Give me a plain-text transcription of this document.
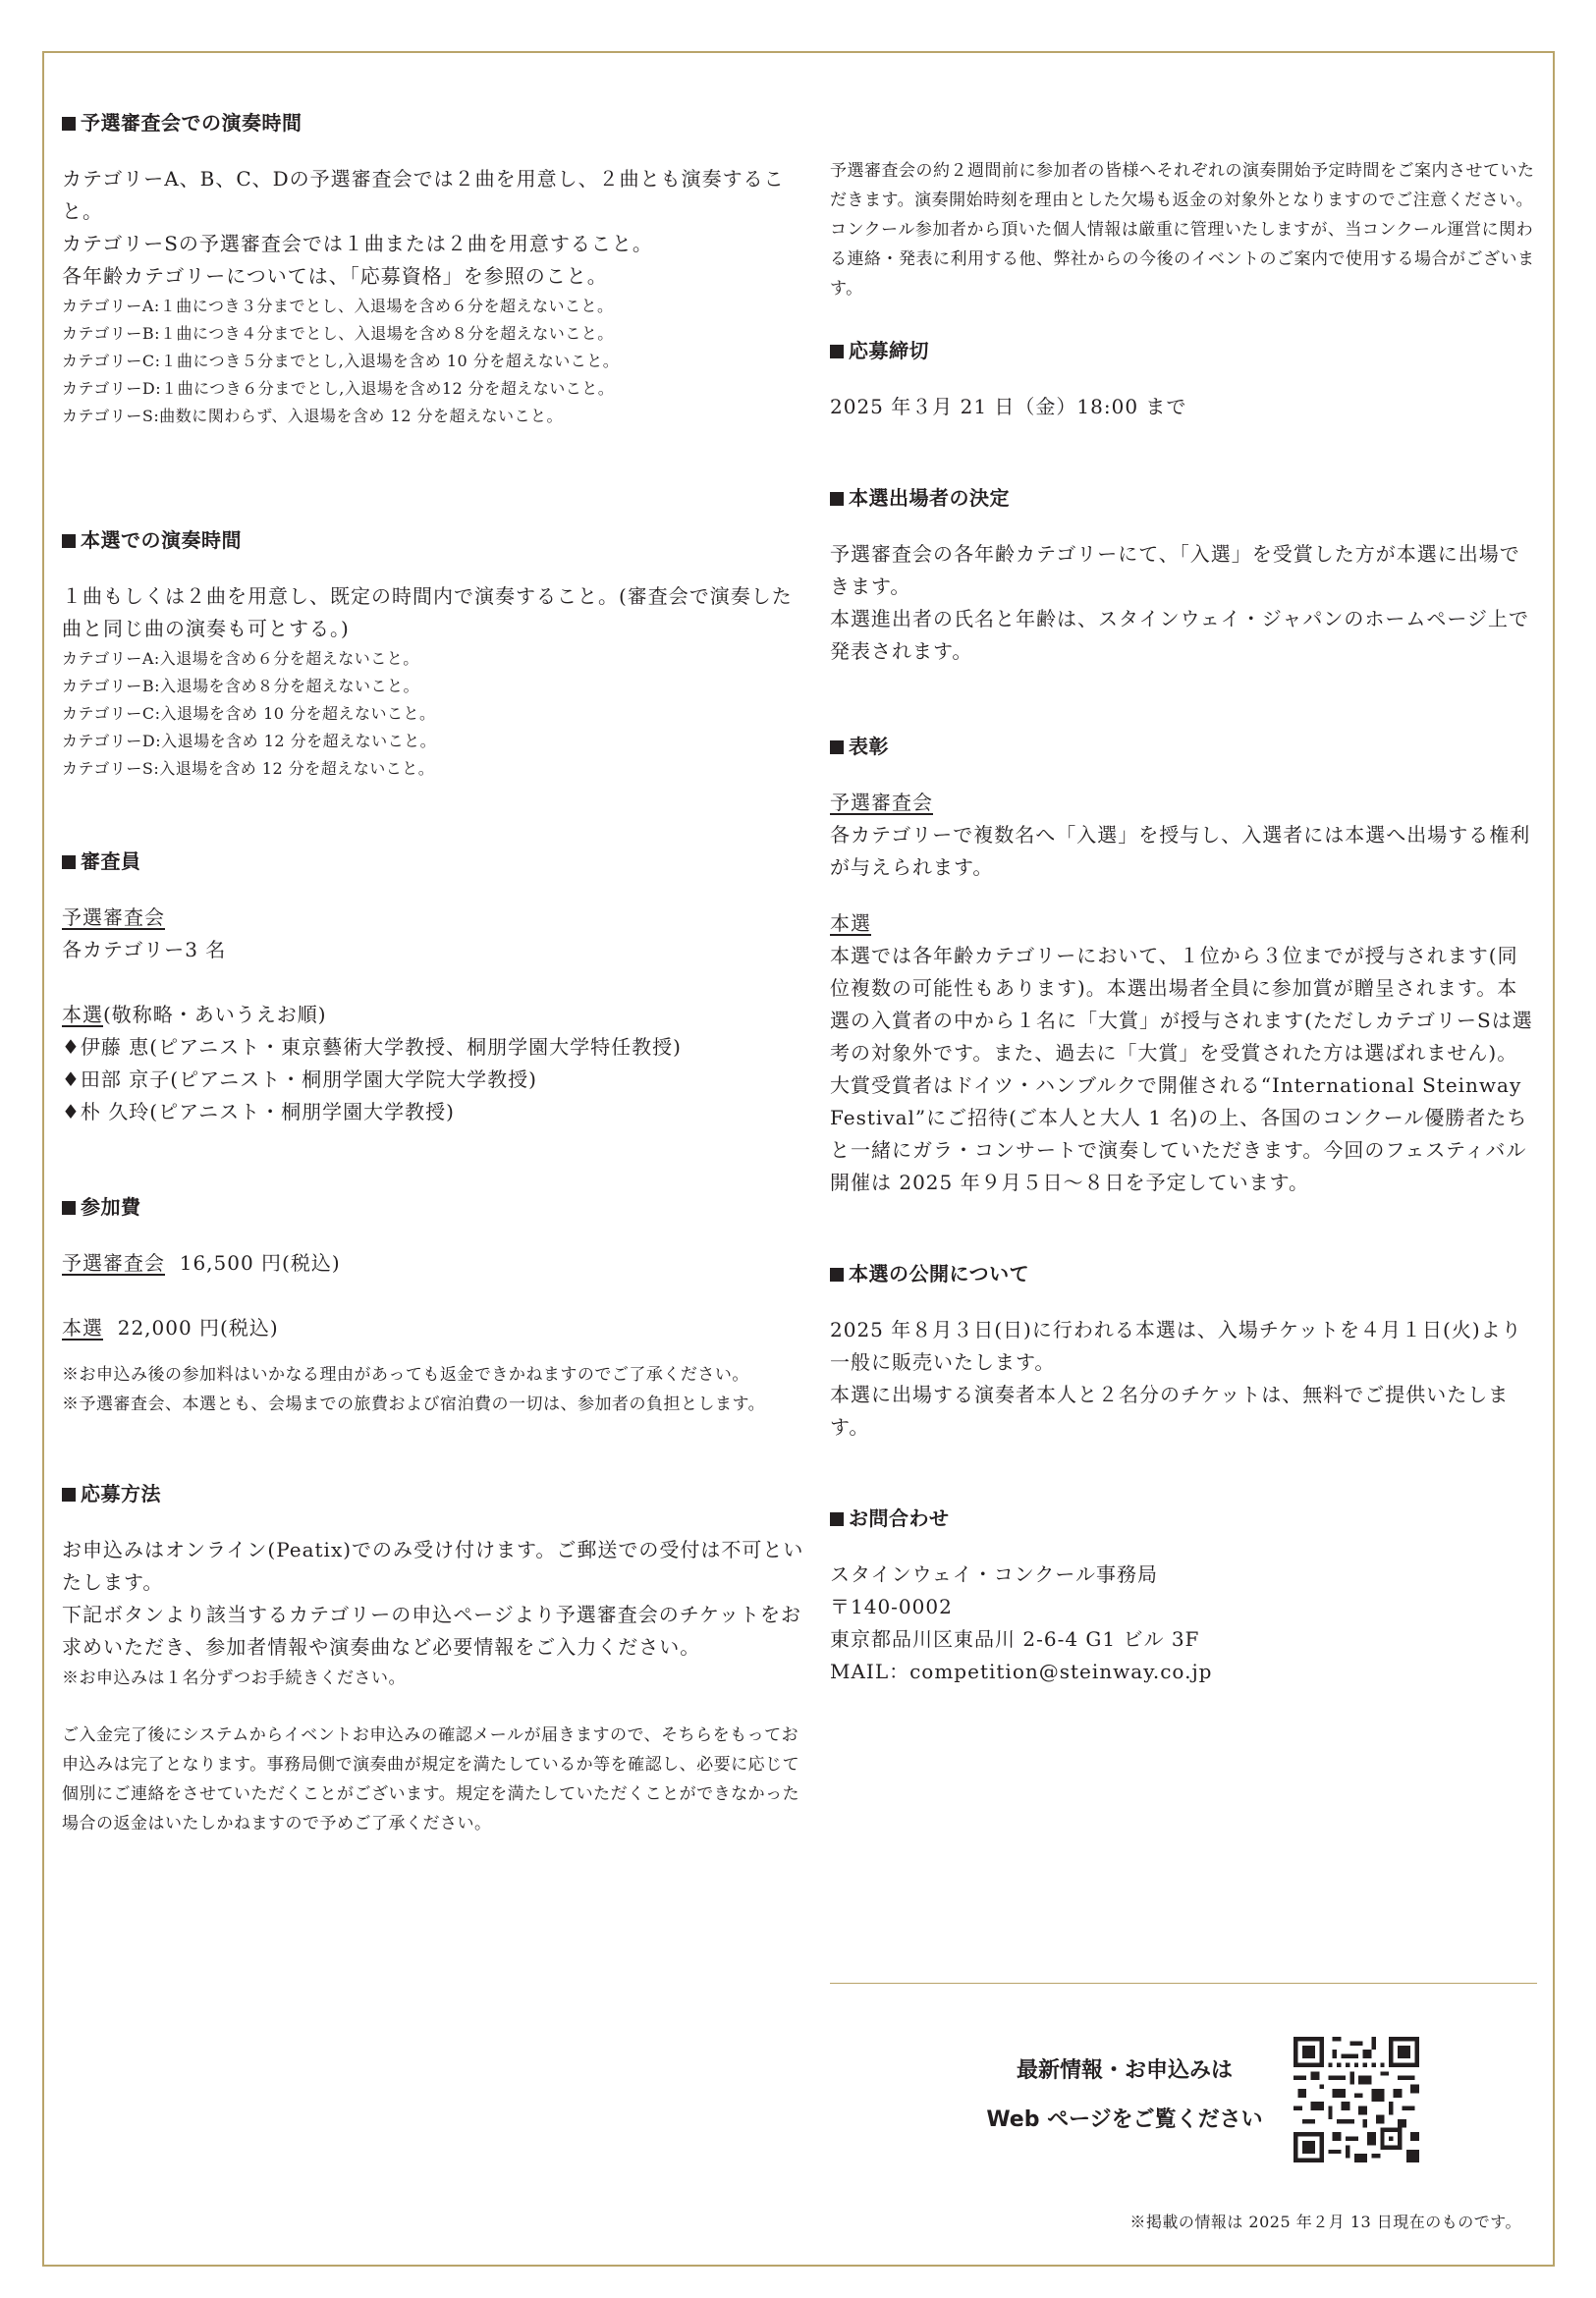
予選審査会での演奏時間

カテゴリーA、B、C、Dの予選審査会では２曲を用意し、２曲とも演奏すること。

カテゴリーSの予選審査会では１曲または２曲を用意すること。

各年齢カテゴリーについては、「応募資格」を参照のこと。

カテゴリーA:１曲につき３分までとし、入退場を含め６分を超えないこと。

カテゴリーB:１曲につき４分までとし、入退場を含め８分を超えないこと。

カテゴリーC:１曲につき５分までとし,入退場を含め 10 分を超えないこと。

カテゴリーD:１曲につき６分までとし,入退場を含め12 分を超えないこと。

カテゴリーS:曲数に関わらず、入退場を含め 12 分を超えないこと。

本選での演奏時間

１曲もしくは２曲を用意し、既定の時間内で演奏すること。(審査会で演奏した曲と同じ曲の演奏も可とする。)

カテゴリーA:入退場を含め６分を超えないこと。

カテゴリーB:入退場を含め８分を超えないこと。

カテゴリーC:入退場を含め 10 分を超えないこと。

カテゴリーD:入退場を含め 12 分を超えないこと。

カテゴリーS:入退場を含め 12 分を超えないこと。

審査員
予選審査会

各カテゴリー3 名

本選(敬称略・あいうえお順)

♦伊藤 恵(ピアニスト・東京藝術大学教授、桐朋学園大学特任教授)

♦田部 京子(ピアニスト・桐朋学園大学院大学教授)

♦朴 久玲(ピアニスト・桐朋学園大学教授)

参加費

予選審査会 16,500 円(税込)

本選 22,000 円(税込)

※お申込み後の参加料はいかなる理由があっても返金できかねますのでご了承ください。

※予選審査会、本選とも、会場までの旅費および宿泊費の一切は、参加者の負担とします。

応募方法

お申込みはオンライン(Peatix)でのみ受け付けます。ご郵送での受付は不可といたします。

下記ボタンより該当するカテゴリーの申込ページより予選審査会のチケットをお求めいただき、参加者情報や演奏曲など必要情報をご入力ください。

※お申込みは１名分ずつお手続きください。

ご入金完了後にシステムからイベントお申込みの確認メールが届きますので、そちらをもってお申込みは完了となります。事務局側で演奏曲が規定を満たしているか等を確認し、必要に応じて個別にご連絡をさせていただくことがございます。規定を満たしていただくことができなかった場合の返金はいたしかねますので予めご了承ください。

予選審査会の約２週間前に参加者の皆様へそれぞれの演奏開始予定時間をご案内させていただきます。演奏開始時刻を理由とした欠場も返金の対象外となりますのでご注意ください。

コンクール参加者から頂いた個人情報は厳重に管理いたしますが、当コンクール運営に関わる連絡・発表に利用する他、弊社からの今後のイベントのご案内で使用する場合がございます。

応募締切

2025 年３月 21 日（金）18:00 まで

本選出場者の決定

予選審査会の各年齢カテゴリーにて、「入選」を受賞した方が本選に出場できます。

本選進出者の氏名と年齢は、スタインウェイ・ジャパンのホームページ上で発表されます。

表彰
予選審査会

各カテゴリーで複数名へ「入選」を授与し、入選者には本選へ出場する権利が与えられます。

本選

本選では各年齢カテゴリーにおいて、１位から３位までが授与されます(同位複数の可能性もあります)。本選出場者全員に参加賞が贈呈されます。本選の入賞者の中から１名に「大賞」が授与されます(ただしカテゴリーSは選考の対象外です。また、過去に「大賞」を受賞された方は選ばれません)。大賞受賞者はドイツ・ハンブルクで開催される“International Steinway Festival”にご招待(ご本人と大人 1 名)の上、各国のコンクール優勝者たちと一緒にガラ・コンサートで演奏していただきます。今回のフェスティバル開催は 2025 年９月５日〜８日を予定しています。

本選の公開について

2025 年８月３日(日)に行われる本選は、入場チケットを４月１日(火)より一般に販売いたします。

本選に出場する演奏者本人と２名分のチケットは、無料でご提供いたします。

お問合わせ

スタインウェイ・コンクール事務局

〒140-0002

東京都品川区東品川 2-6-4 G1 ビル 3F

MAIL：competition@steinway.co.jp

最新情報・お申込みは
Web ページをご覧ください
※掲載の情報は 2025 年２月 13 日現在のものです。
